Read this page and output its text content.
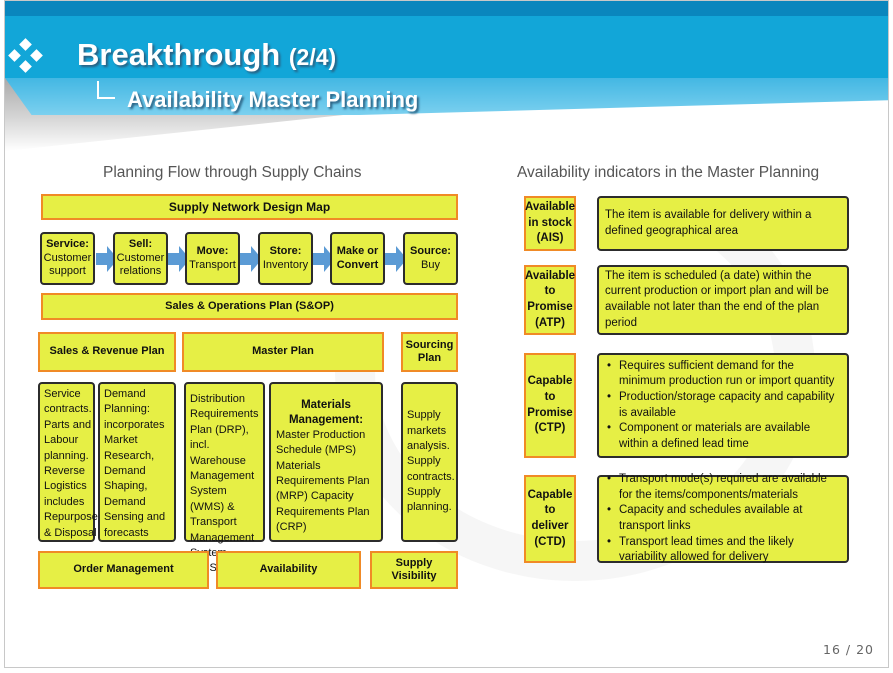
Breakthrough (2/4)
Availability Master Planning
Planning Flow through Supply Chains
Supply Network Design Map
Service:
Customer support
Sell:
Customer relations
Move:
Transport
Store:
Inventory
Make or Convert
Source:
Buy
Sales & Operations Plan (S&OP)
Sales & Revenue Plan	Master Plan
Sourcing Plan
Service contracts. Parts and Labour planning. Reverse Logistics includes Repurpose & Disposal
Demand Planning: incorporates Market Research, Demand Shaping, Demand Sensing and forecasts
Distribution Requirements Plan (DRP), incl. Warehouse Management System (WMS) & Transport Management
Materials Management:
Master Production Schedule (MPS) Materials Requirements Plan (MRP) Capacity Requirements Plan (CRP)
Supply markets analysis. Supply contracts. Supply planning.
Order Management	Availability
Supply Visibility
Availability indicators in the Master Planning
Available
in stock
(AIS)
The item is available for delivery within a defined geographical area
Available
to
Promise
(ATP)
The item is scheduled (a date) within the current production or import plan and will be available not later than the end of the plan period
Capable
to
Promise
(CTP)
• Requires sufficient demand for the minimum production run or import quantity
• Production/storage capacity and capability is available
• Component or materials are available within a defined lead time
Capable
to
deliver
(CTD)
• Transport mode(s) required are available for the items/components/materials
• Capacity and schedules available at transport links
• Transport lead times and the likely variability allowed for delivery
16 / 20
